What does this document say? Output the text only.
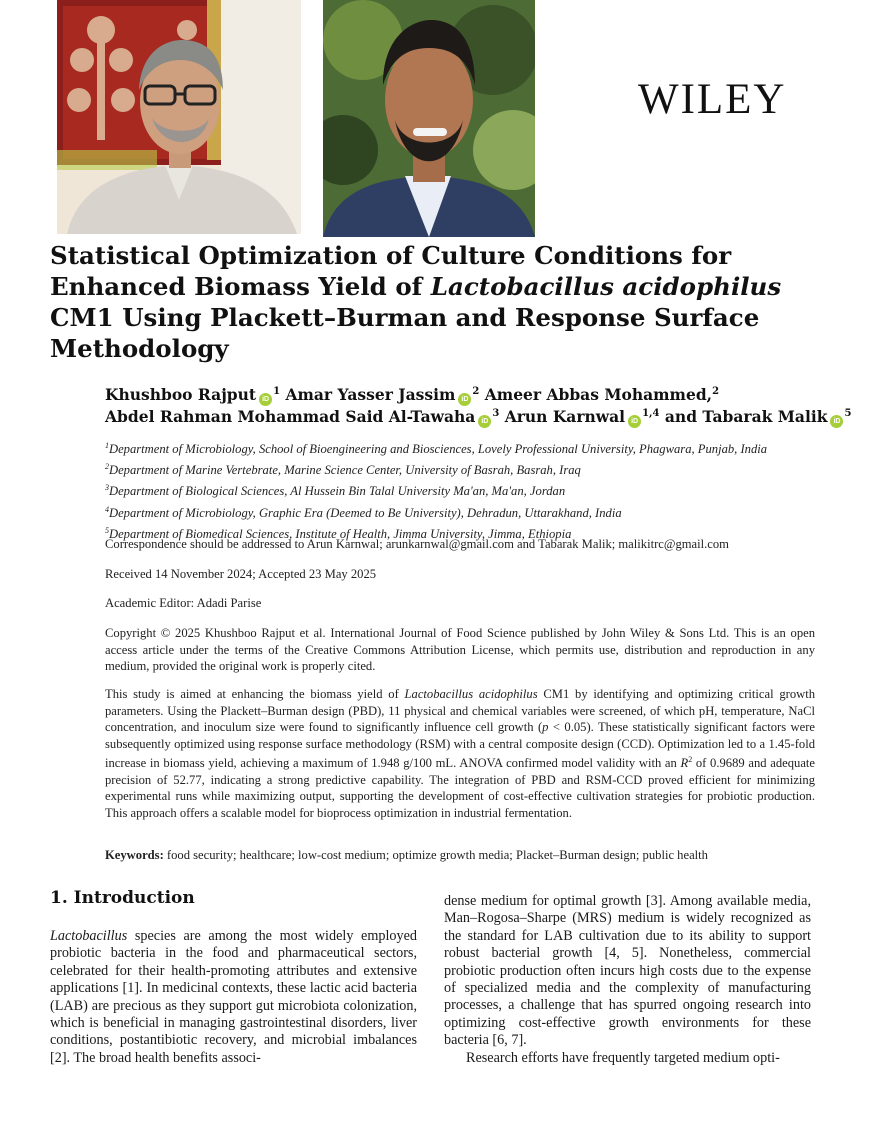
WILEY
Statistical Optimization of Culture Conditions for Enhanced Biomass Yield of Lactobacillus acidophilus CM1 Using Plackett–Burman and Response Surface Methodology
Khushboo Rajput $iD^1$ Amar Yasser Jassim $iD^2$ Ameer Abbas Mohammed,$^2$
Abdel Rahman Mohammad Said Al-Tawaha $iD^3$ Arun Karnwal iD$^{1,4}$ and Tabarak Malik $iD^5$
$^1$Department of Microbiology, School of Bioengineering and Biosciences, Lovely Professional University, Phagwara, Punjab, India
$^2$Department of Marine Vertebrate, Marine Science Center, University of Basrah, Basrah, Iraq
$^3$Department of Biological Sciences, Al Hussein Bin Talal University Ma'an, Ma'an, Jordan
$^4$Department of Microbiology, Graphic Era (Deemed to Be University), Dehradun, Uttarakhand, India
$^5$Department of Biomedical Sciences, Institute of Health, Jimma University, Jimma, Ethiopia
Correspondence should be addressed to Arun Karnwal; arunkarnwal@gmail.com and Tabarak Malik; malikitrc@gmail.com
Received 14 November 2024; Accepted 23 May 2025
Academic Editor: Adadi Parise
Copyright © 2025 Khushboo Rajput et al. International Journal of Food Science published by John Wiley & Sons Ltd. This is an open access article under the terms of the Creative Commons Attribution License, which permits use, distribution and reproduction in any medium, provided the original work is properly cited.
This study is aimed at enhancing the biomass yield of Lactobacillus acidophilus CM1 by identifying and optimizing critical growth parameters. Using the Plackett–Burman design (PBD), 11 physical and chemical variables were screened, of which pH, temperature, NaCl concentration, and inoculum size were found to significantly influence cell growth (p < 0.05). These statistically significant factors were subsequently optimized using response surface methodology (RSM) with a central composite design (CCD). Optimization led to a 1.45-fold increase in biomass yield, achieving a maximum of 1.948 g/100 mL. ANOVA confirmed model validity with an $R^2$ of 0.9689 and adequate precision of 52.77, indicating a strong predictive capability. The integration of PBD and RSM-CCD proved efficient for minimizing experimental runs while maximizing output, supporting the development of cost-effective cultivation strategies for probiotic production. This approach offers a scalable model for bioprocess optimization in industrial fermentation.
Keywords: food security; healthcare; low-cost medium; optimize growth media; Placket–Burman design; public health
1. Introduction

Lactobacillus species are among the most widely employed probiotic bacteria in the food and pharmaceutical sectors, celebrated for their health-promoting attributes and extensive applications [1]. In medicinal contexts, these lactic acid bacteria (LAB) are precious as they support gut microbiota colonization, which is beneficial in managing gastrointestinal disorders, liver conditions, postantibiotic recovery, and microbial imbalances [2]. The broad health benefits associ-

dense medium for optimal growth [3]. Among available media, Man–Rogosa–Sharpe (MRS) medium is widely recognized as the standard for LAB cultivation due to its ability to support robust bacterial growth [4, 5]. Nonetheless, commercial probiotic production often incurs high costs due to the expense of specialized media and the complexity of manufacturing processes, a challenge that has spurred ongoing research into optimizing cost-effective growth environments for these bacteria [6, 7].

Research efforts have frequently targeted medium opti-
